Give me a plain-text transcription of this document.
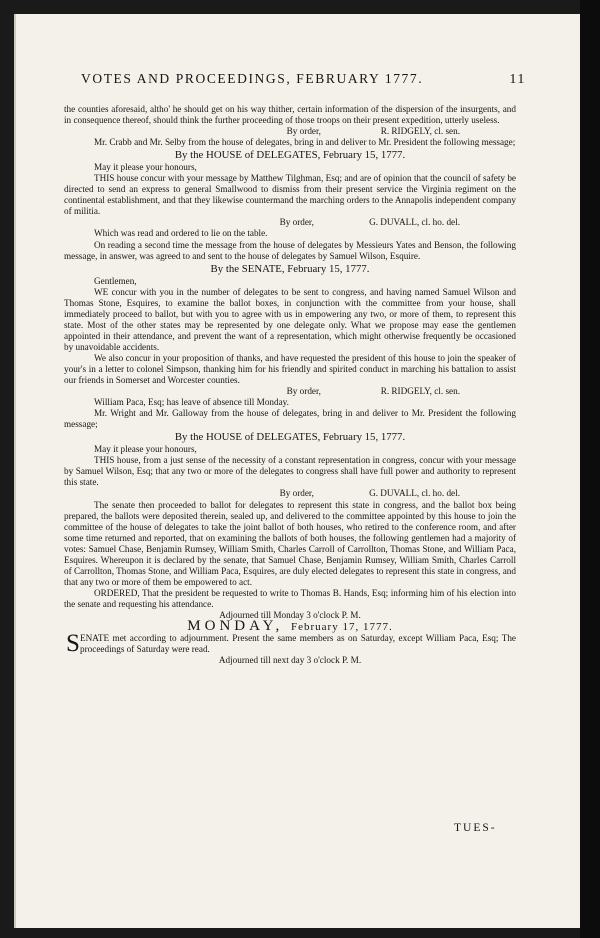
VOTES AND PROCEEDINGS, FEBRUARY 1777.	11

the counties aforesaid, altho' he should get on his way thither, certain information of the dispersion of the insurgents, and in consequence thereof, should think the further proceeding of those troops on their present expedition, utterly useless.

By order,	R. RIDGELY, cl. sen.

Mr. Crabb and Mr. Selby from the house of delegates, bring in and deliver to Mr. President the following message;

By the HOUSE of DELEGATES, February 15, 1777.

May it please your honours,

THIS house concur with your message by Matthew Tilghman, Esq; and are of opinion that the council of safety be directed to send an express to general Smallwood to dismiss from their present service the Virginia regiment on the continental establishment, and that they likewise countermand the marching orders to the Annapolis independent company of militia.

By order,	G. DUVALL, cl. ho. del.

Which was read and ordered to lie on the table.

On reading a second time the message from the house of delegates by Messieurs Yates and Benson, the following message, in answer, was agreed to and sent to the house of delegates by Samuel Wilson, Esquire.

By the SENATE, February 15, 1777.

Gentlemen,

WE concur with you in the number of delegates to be sent to congress, and having named Samuel Wilson and Thomas Stone, Esquires, to examine the ballot boxes, in conjunction with the committee from your house, shall immediately proceed to ballot, but with you to agree with us in empowering any two, or more of them, to represent this state. Most of the other states may be represented by one delegate only. What we propose may ease the gentlemen appointed in their attendance, and prevent the want of a representation, which might otherwise frequently be occasioned by unavoidable accidents.

We also concur in your proposition of thanks, and have requested the president of this house to join the speaker of your's in a letter to colonel Simpson, thanking him for his friendly and spirited conduct in marching his battalion to assist our friends in Somerset and Worcester counties.

By order,	R. RIDGELY, cl. sen.

William Paca, Esq; has leave of absence till Monday.

Mr. Wright and Mr. Galloway from the house of delegates, bring in and deliver to Mr. President the following message;

By the HOUSE of DELEGATES, February 15, 1777.

May it please your honours,

THIS house, from a just sense of the necessity of a constant representation in congress, concur with your message by Samuel Wilson, Esq; that any two or more of the delegates to congress shall have full power and authority to represent this state.

By order,	G. DUVALL, cl. ho. del.

The senate then proceeded to ballot for delegates to represent this state in congress, and the ballot box being prepared, the ballots were deposited therein, sealed up, and delivered to the committee appointed by this house to join the committee of the house of delegates to take the joint ballot of both houses, who retired to the conference room, and after some time returned and reported, that on examining the ballots of both houses, the following gentlemen had a majority of votes: Samuel Chase, Benjamin Rumsey, William Smith, Charles Carroll of Carrollton, Thomas Stone, and William Paca, Esquires. Whereupon it is declared by the senate, that Samuel Chase, Benjamin Rumsey, William Smith, Charles Carroll of Carrollton, Thomas Stone, and William Paca, Esquires, are duly elected delegates to represent this state in congress, and that any two or more of them be empowered to act.

ORDERED, That the president be requested to write to Thomas B. Hands, Esq; informing him of his election into the senate and requesting his attendance.

Adjourned till Monday 3 o'clock P. M.

MONDAY, February 17, 1777.

S ENATE met according to adjournment. Present the same members as on Saturday, except William Paca, Esq; The proceedings of Saturday were read.

Adjourned till next day 3 o'clock P. M.

TUES-
